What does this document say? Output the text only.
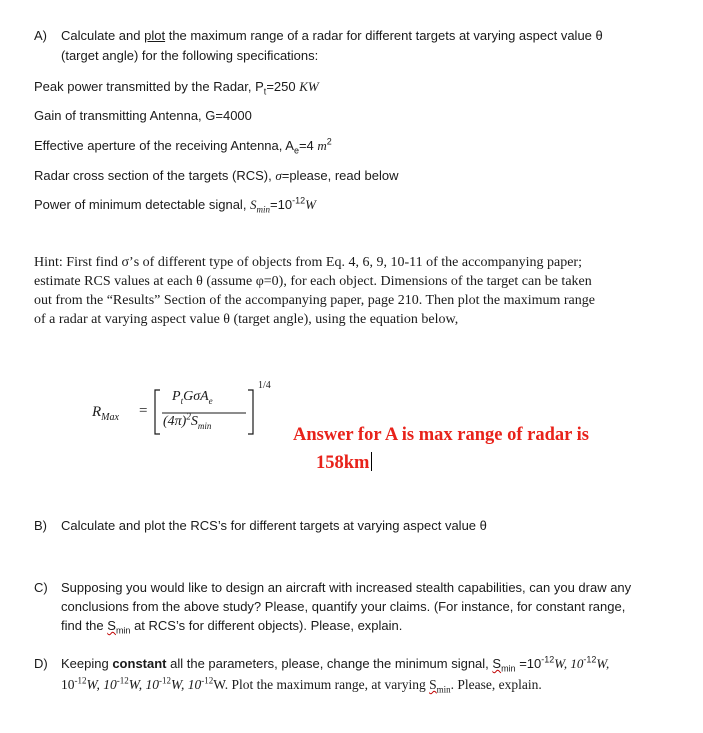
A) Calculate and plot the maximum range of a radar for different targets at varying aspect value θ
(target angle) for the following specifications:
Peak power transmitted by the Radar, $P_t=250$ KW
Gain of transmitting Antenna, G=4000
Effective aperture of the receiving Antenna, $A_e=4$ $m^2$
Radar cross section of the targets (RCS), σ=please, read below
Power of minimum detectable signal, $S_{min}=10^{-12}W$
Hint: First find σ’s of different type of objects from Eq. 4, 6, 9, 10-11 of the accompanying paper;
estimate RCS values at each θ (assume φ=0), for each object. Dimensions of the target can be taken
out from the “Results” Section of the accompanying paper, page 210. Then plot the maximum range
of a radar at varying aspect value θ (target angle), using the equation below,
$R_{Max}$ =
$P_tG\sigma A_e$
$(4\pi)^2S_{min}$
1/4
Answer for A is max range of radar is
158km
B) Calculate and plot the RCS’s for different targets at varying aspect value θ
C) Supposing you would like to design an aircraft with increased stealth capabilities, can you draw any
conclusions from the above study? Please, quantify your claims. (For instance, for constant range,
find the $S_{min}$ at RCS’s for different objects). Please, explain.
D) Keeping constant all the parameters, please, change the minimum signal, $S_{min} =10^{-12}W$, $10^{-12}W$,
$10^{-12}W$, $10^{-12}W$, $10^{-12}W$, $10^{-12}W$. Plot the maximum range, at varying $S_{min}$. Please, explain.
